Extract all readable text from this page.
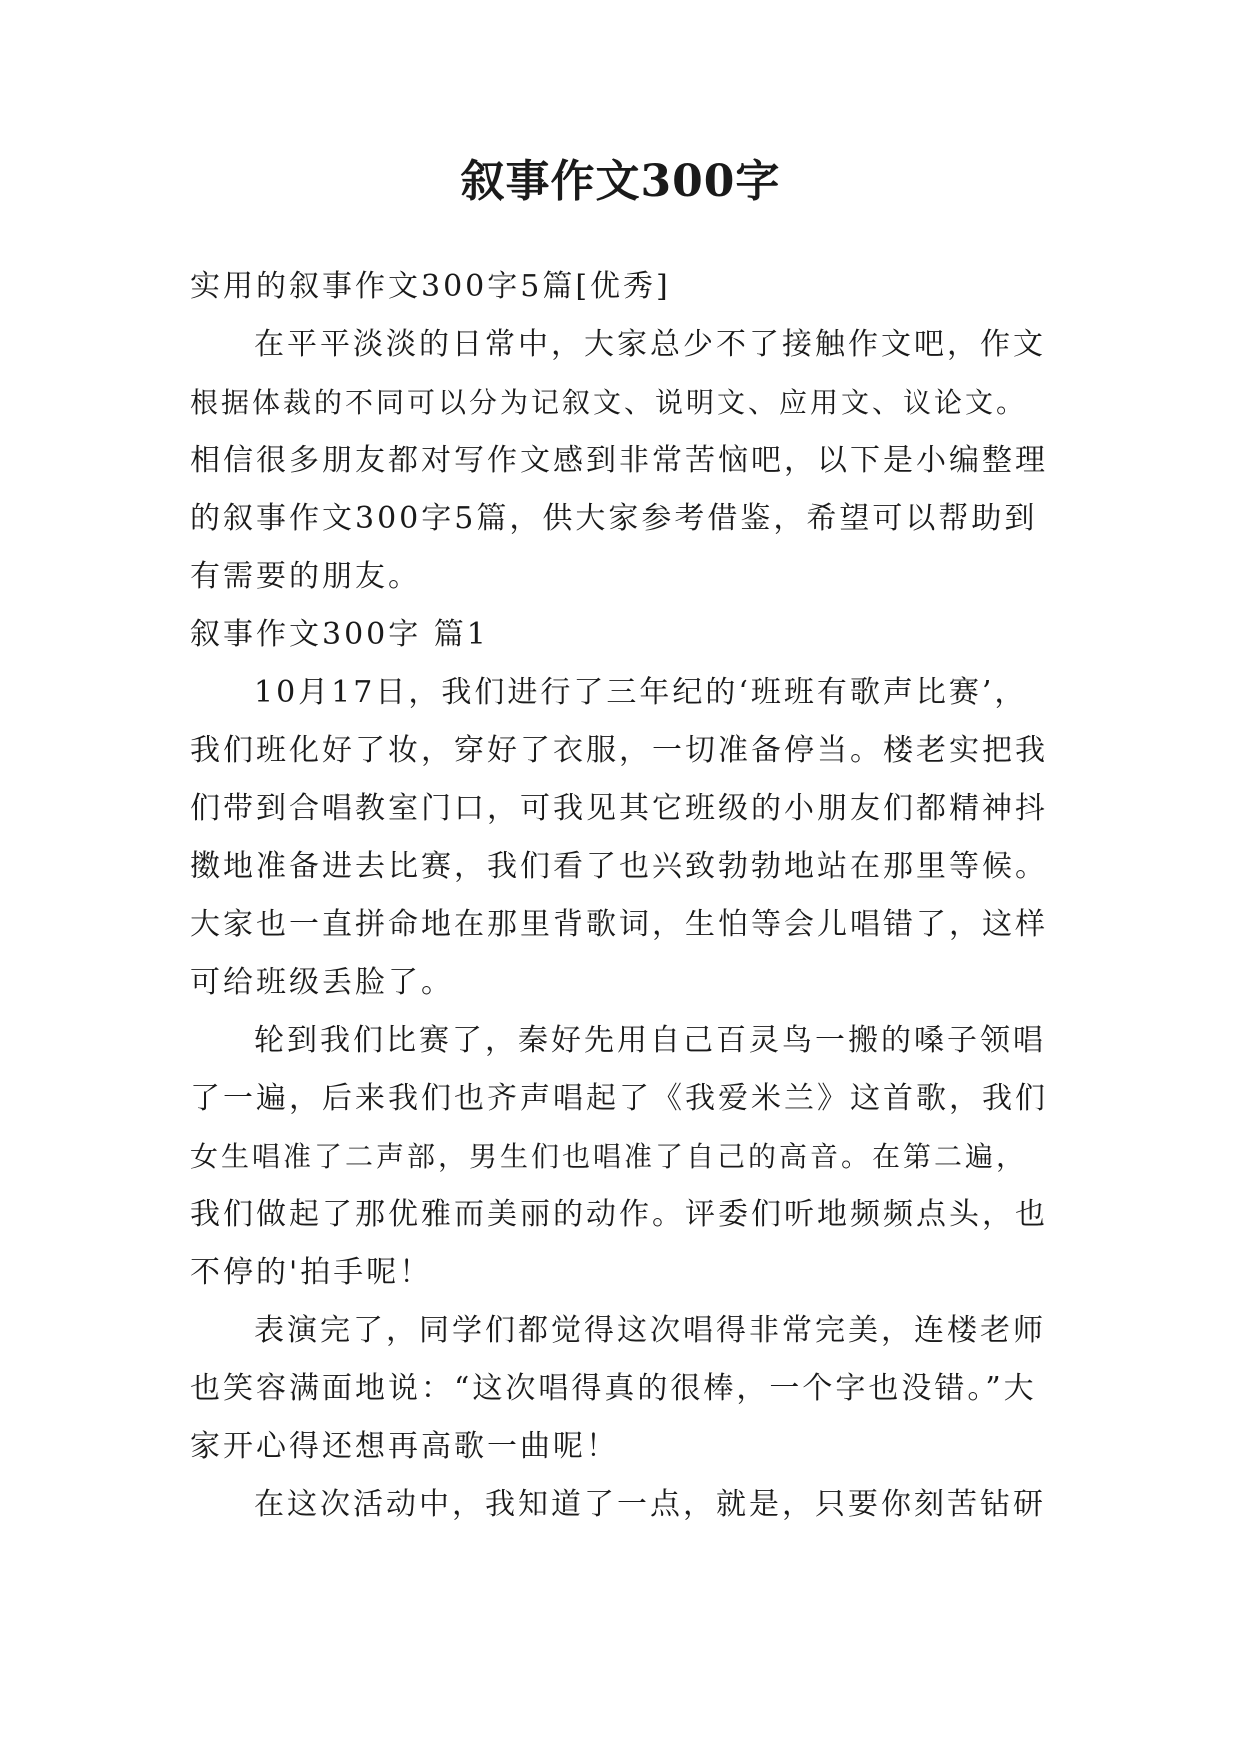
叙事作文300字
实用的叙事作文300字5篇[优秀]
在平平淡淡的日常中，大家总少不了接触作文吧，作文
根据体裁的不同可以分为记叙文、说明文、应用文、议论文。
相信很多朋友都对写作文感到非常苦恼吧，以下是小编整理
的叙事作文300字5篇，供大家参考借鉴，希望可以帮助到
有需要的朋友。
叙事作文300字 篇1
10月17日，我们进行了三年纪的‘班班有歌声比赛’，
我们班化好了妆，穿好了衣服，一切准备停当。楼老实把我
们带到合唱教室门口，可我见其它班级的小朋友们都精神抖
擞地准备进去比赛，我们看了也兴致勃勃地站在那里等候。
大家也一直拼命地在那里背歌词，生怕等会儿唱错了，这样
可给班级丢脸了。
轮到我们比赛了，秦好先用自己百灵鸟一搬的嗓子领唱
了一遍，后来我们也齐声唱起了《我爱米兰》这首歌，我们
女生唱准了二声部，男生们也唱准了自己的高音。在第二遍，
我们做起了那优雅而美丽的动作。评委们听地频频点头，也
不停的'拍手呢！
表演完了，同学们都觉得这次唱得非常完美，连楼老师
也笑容满面地说：“这次唱得真的很棒，一个字也没错。”大
家开心得还想再高歌一曲呢！
在这次活动中，我知道了一点，就是，只要你刻苦钻研
